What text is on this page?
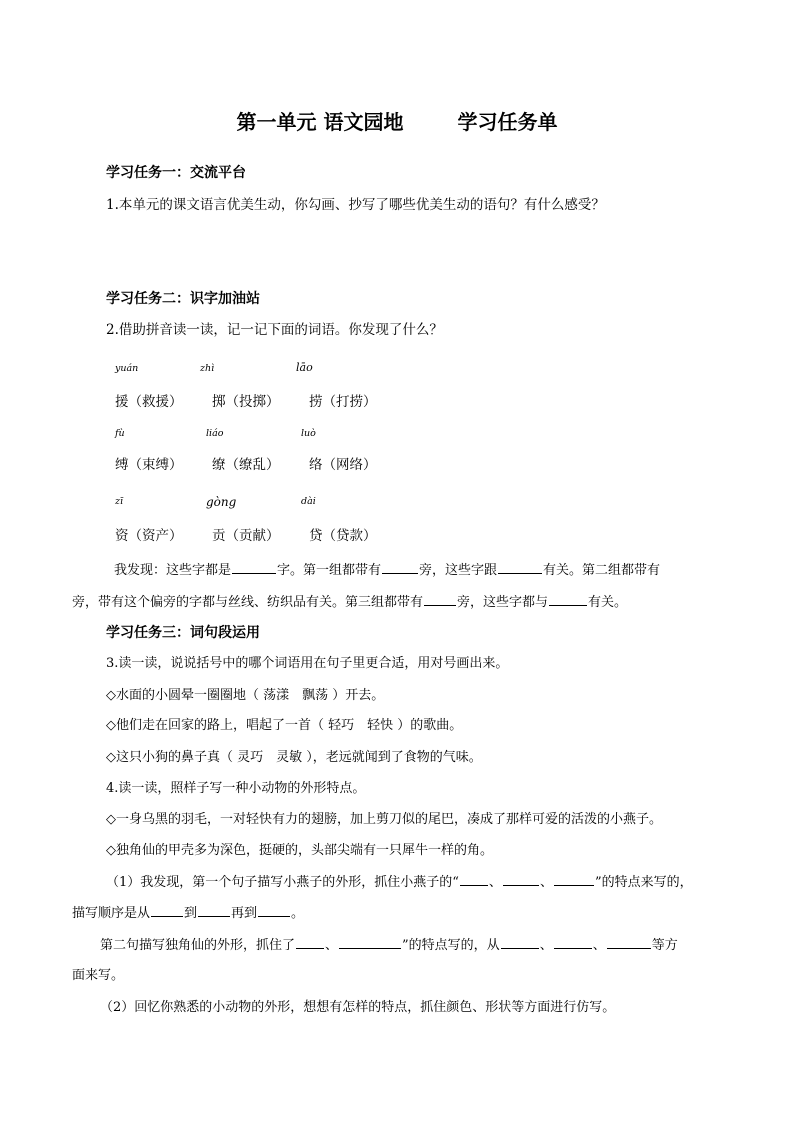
第一单元 语文园地	学习任务单
学习任务一：交流平台
1.本单元的课文语言优美生动，你勾画、抄写了哪些优美生动的语句？有什么感受？
学习任务二：识字加油站
2.借助拼音读一读，记一记下面的词语。你发现了什么？
yuán	zhì	lāo
援（救援） 掷（投掷） 捞（打捞）
fù	liáo	luò
缚（束缚） 缭（缭乱） 络（网络）
zī	gòng	dài
资（资产） 贡（贡献） 贷（贷款）
我发现：这些字都是	字。第一组都带有	旁，这些字跟	有关。第二组都带有
旁，带有这个偏旁的字都与丝线、纺织品有关。第三组都带有	旁，这些字都与	有关。
学习任务三：词句段运用
3.读一读，说说括号中的哪个词语用在句子里更合适，用对号画出来。
◇水面的小圆晕一圈圈地（ 荡漾　飘荡 ）开去。
◇他们走在回家的路上，唱起了一首（ 轻巧　轻快 ）的歌曲。
◇这只小狗的鼻子真（ 灵巧　灵敏 ），老远就闻到了食物的气味。
4.读一读，照样子写一种小动物的外形特点。
◇一身乌黑的羽毛，一对轻快有力的翅膀，加上剪刀似的尾巴，凑成了那样可爱的活泼的小燕子。
◇独角仙的甲壳多为深色，挺硬的，头部尖端有一只犀牛一样的角。
（1）我发现，第一个句子描写小燕子的外形，抓住小燕子的“ 、	、	”的特点来写的，
描写顺序是从	到	再到	。
第二句描写独角仙的外形，抓住了 、	”的特点写的，从	、	、	等方
面来写。
（2）回忆你熟悉的小动物的外形，想想有怎样的特点，抓住颜色、形状等方面进行仿写。
